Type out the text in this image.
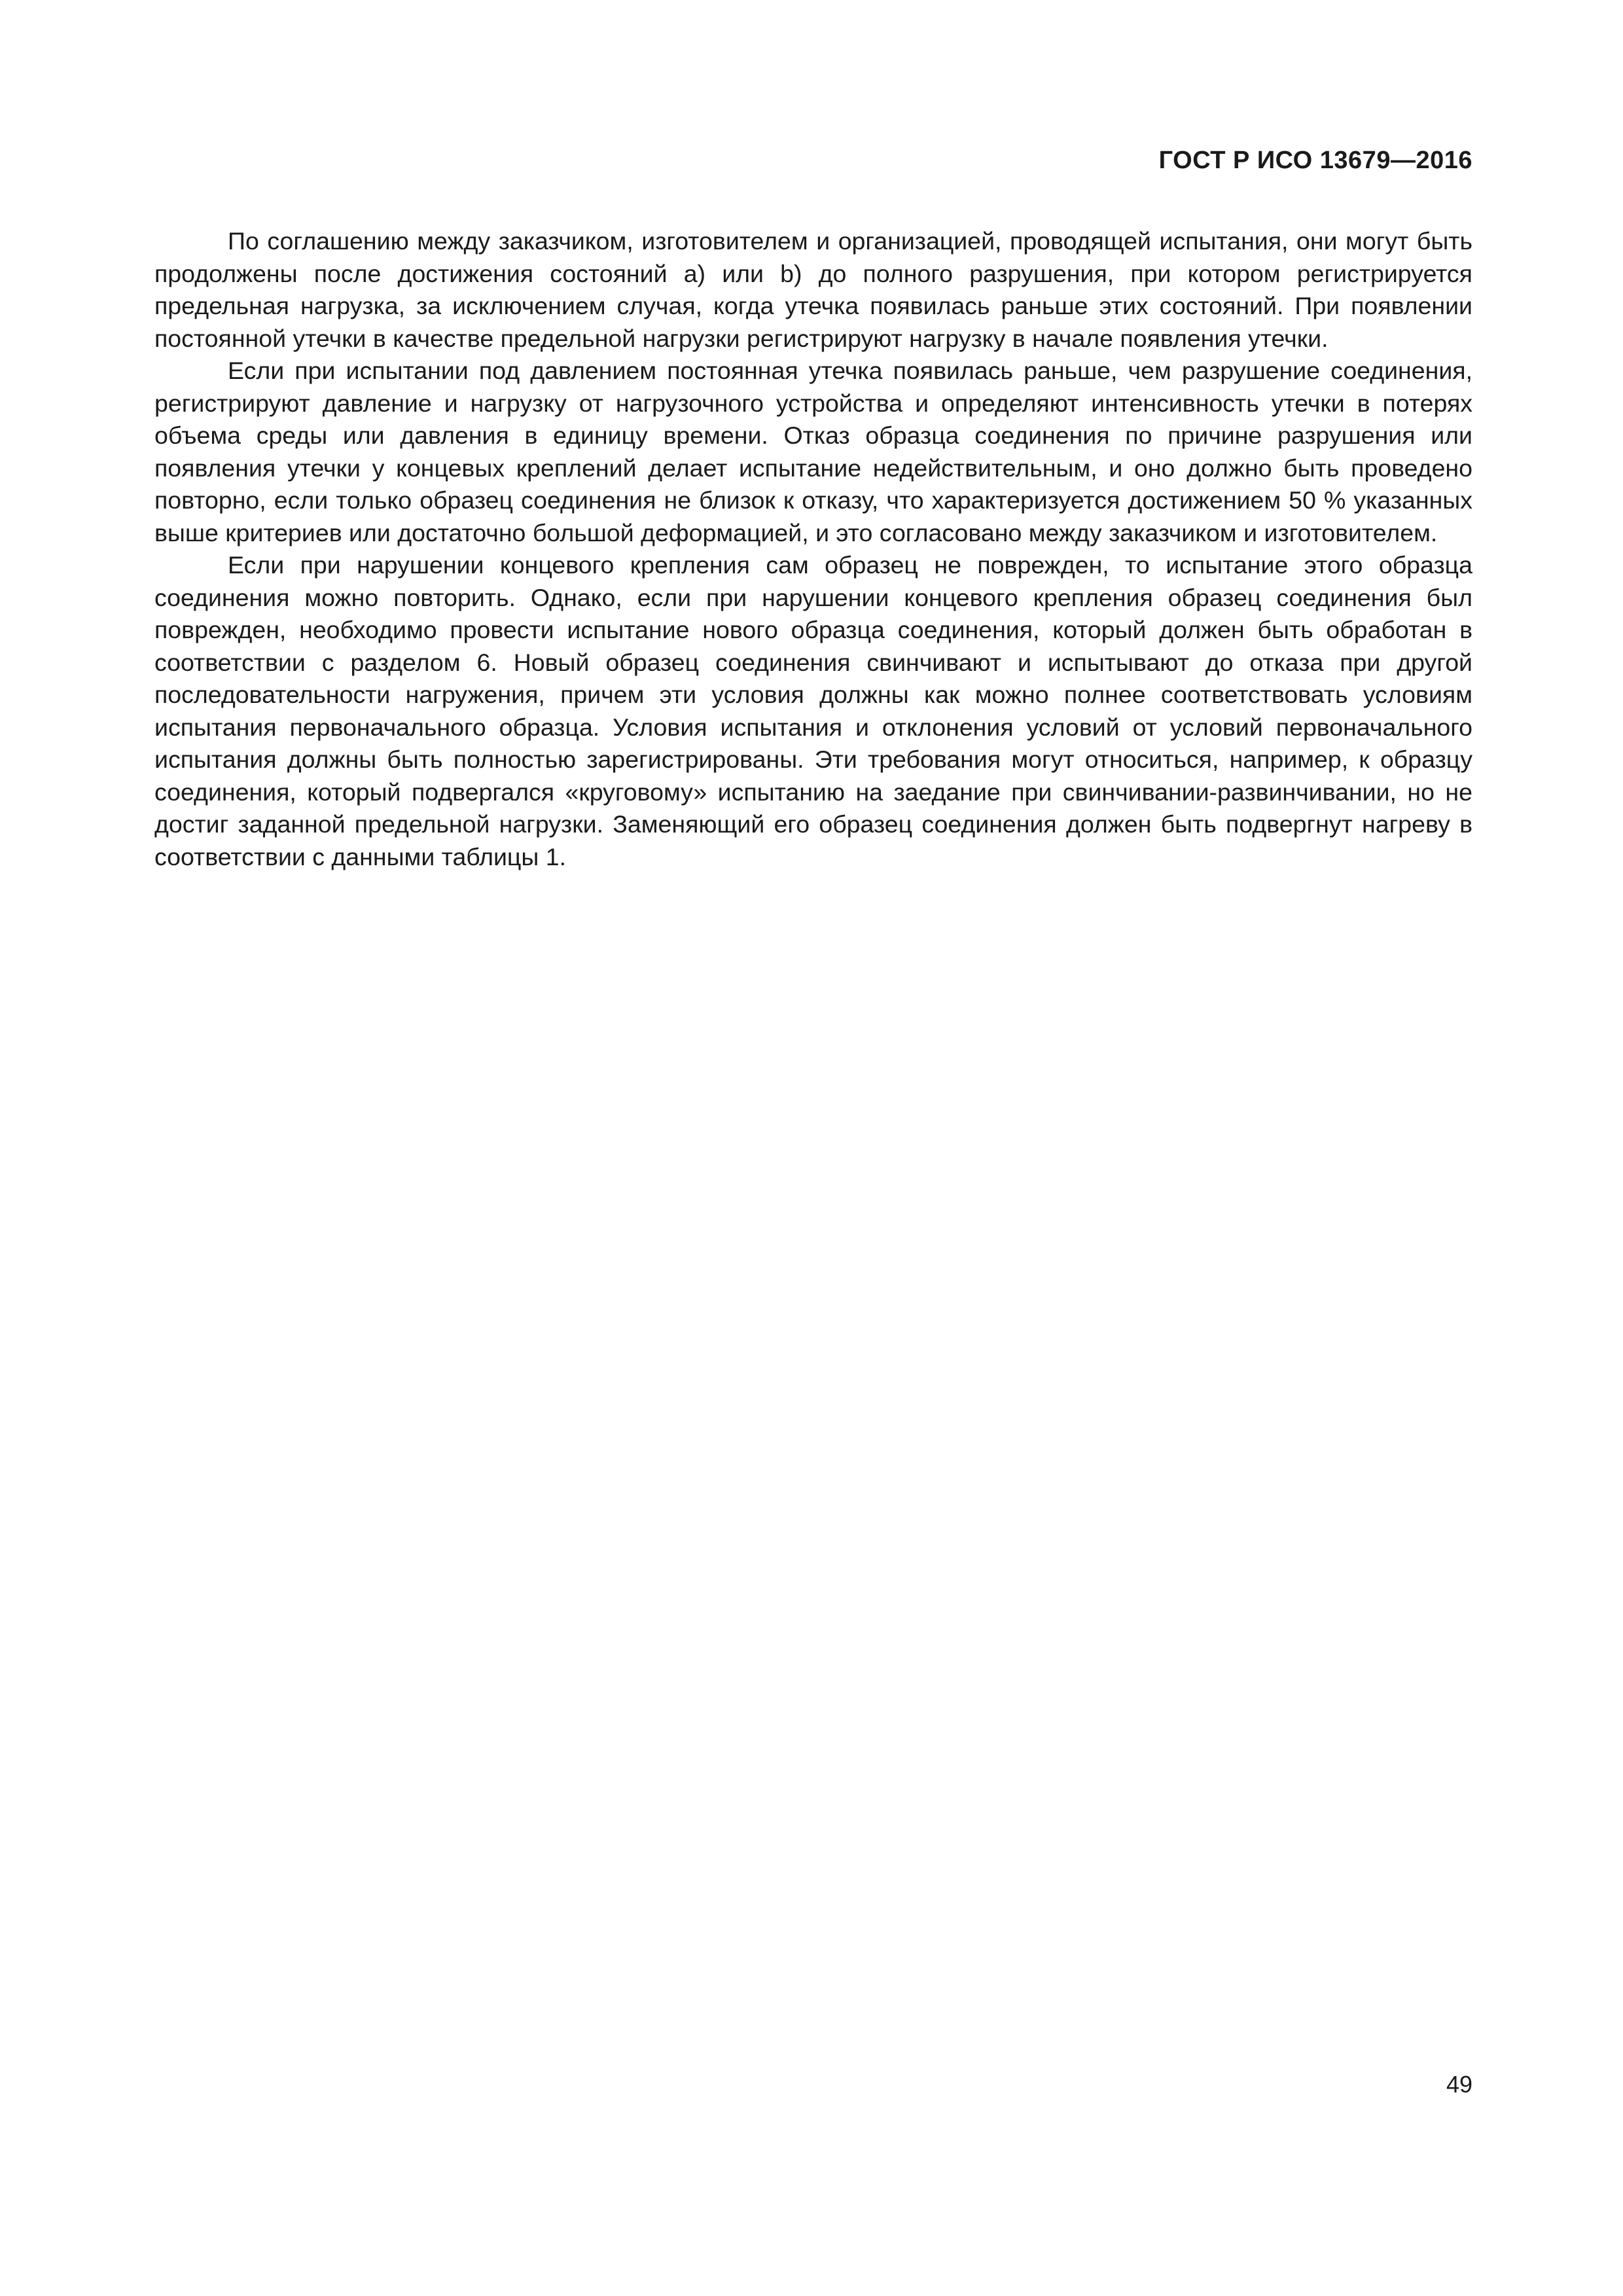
ГОСТ Р ИСО 13679—2016

По соглашению между заказчиком, изготовителем и организацией, проводящей испытания, они могут быть продолжены после достижения состояний a) или b) до полного разрушения, при котором регистрируется предельная нагрузка, за исключением случая, когда утечка появилась раньше этих состояний. При появлении постоянной утечки в качестве предельной нагрузки регистрируют нагрузку в начале появления утечки.

Если при испытании под давлением постоянная утечка появилась раньше, чем разрушение соединения, регистрируют давление и нагрузку от нагрузочного устройства и определяют интенсивность утечки в потерях объема среды или давления в единицу времени. Отказ образца соединения по причине разрушения или появления утечки у концевых креплений делает испытание недействительным, и оно должно быть проведено повторно, если только образец соединения не близок к отказу, что характеризуется достижением 50 % указанных выше критериев или достаточно большой деформацией, и это согласовано между заказчиком и изготовителем.

Если при нарушении концевого крепления сам образец не поврежден, то испытание этого образца соединения можно повторить. Однако, если при нарушении концевого крепления образец соединения был поврежден, необходимо провести испытание нового образца соединения, который должен быть обработан в соответствии с разделом 6. Новый образец соединения свинчивают и испытывают до отказа при другой последовательности нагружения, причем эти условия должны как можно полнее соответствовать условиям испытания первоначального образца. Условия испытания и отклонения условий от условий первоначального испытания должны быть полностью зарегистрированы. Эти требования могут относиться, например, к образцу соединения, который подвергался «круговому» испытанию на заедание при свинчивании-развинчивании, но не достиг заданной предельной нагрузки. Заменяющий его образец соединения должен быть подвергнут нагреву в соответствии с данными таблицы 1.

49
